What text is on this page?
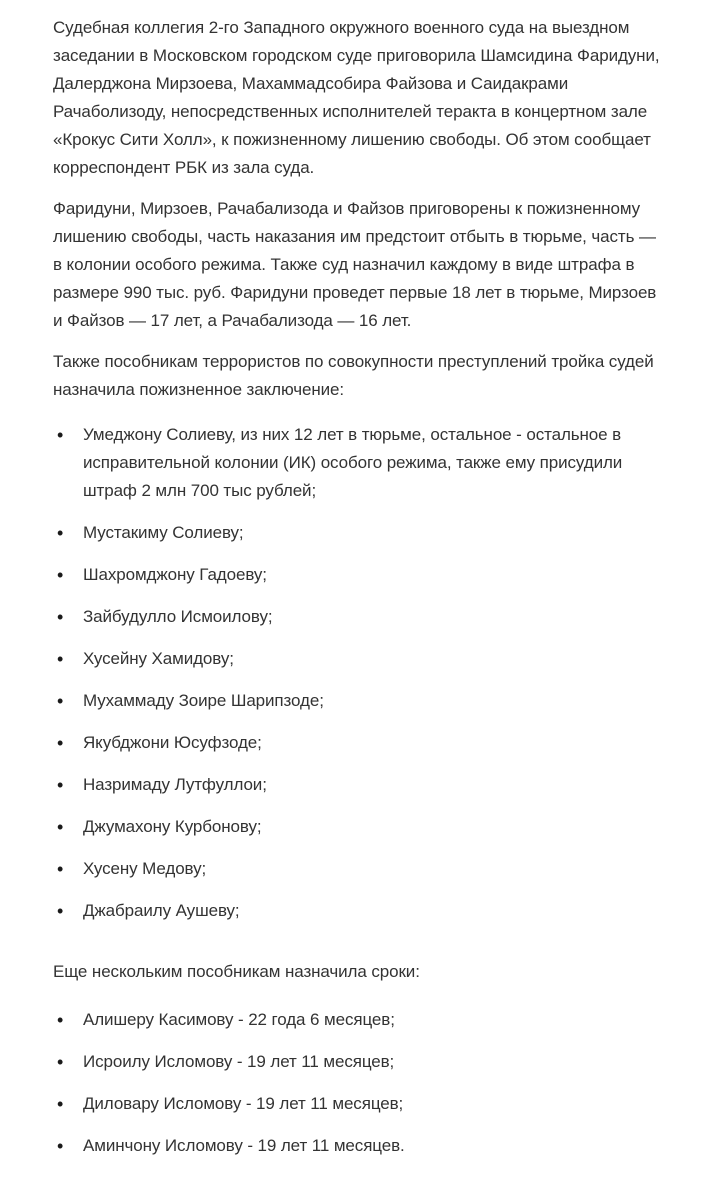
Судебная коллегия 2-го Западного окружного военного суда на выездном заседании в Московском городском суде приговорила Шамсидина Фаридуни, Далерджона Мирзоева, Махаммадсобира Файзова и Саидакрами Рачаболизоду, непосредственных исполнителей теракта в концертном зале «Крокус Сити Холл», к пожизненному лишению свободы. Об этом сообщает корреспондент РБК из зала суда.

Фаридуни, Мирзоев, Рачабализода и Файзов приговорены к пожизненному лишению свободы, часть наказания им предстоит отбыть в тюрьме, часть — в колонии особого режима. Также суд назначил каждому в виде штрафа в размере 990 тыс. руб. Фаридуни проведет первые 18 лет в тюрьме, Мирзоев и Файзов — 17 лет, а Рачабализода — 16 лет.

Также пособникам террористов по совокупности преступлений тройка судей назначила пожизненное заключение:

•	Умеджону Солиеву, из них 12 лет в тюрьме, остальное - остальное в исправительной колонии (ИК) особого режима, также ему присудили штраф 2 млн 700 тыс рублей;
•	Мустакиму Солиеву;
•	Шахромджону Гадоеву;
•	Зайбудулло Исмоилову;
•	Хусейну Хамидову;
•	Мухаммаду Зоире Шарипзоде;
•	Якубджони Юсуфзоде;
•	Назримаду Лутфуллои;
•	Джумахону Курбонову;
•	Хусену Медову;
•	Джабраилу Аушеву;

Еще нескольким пособникам назначила сроки:

•	Алишеру Касимову - 22 года 6 месяцев;
•	Исроилу Исломову - 19 лет 11 месяцев;
•	Диловару Исломову - 19 лет 11 месяцев;
•	Аминчону Исломову - 19 лет 11 месяцев.
